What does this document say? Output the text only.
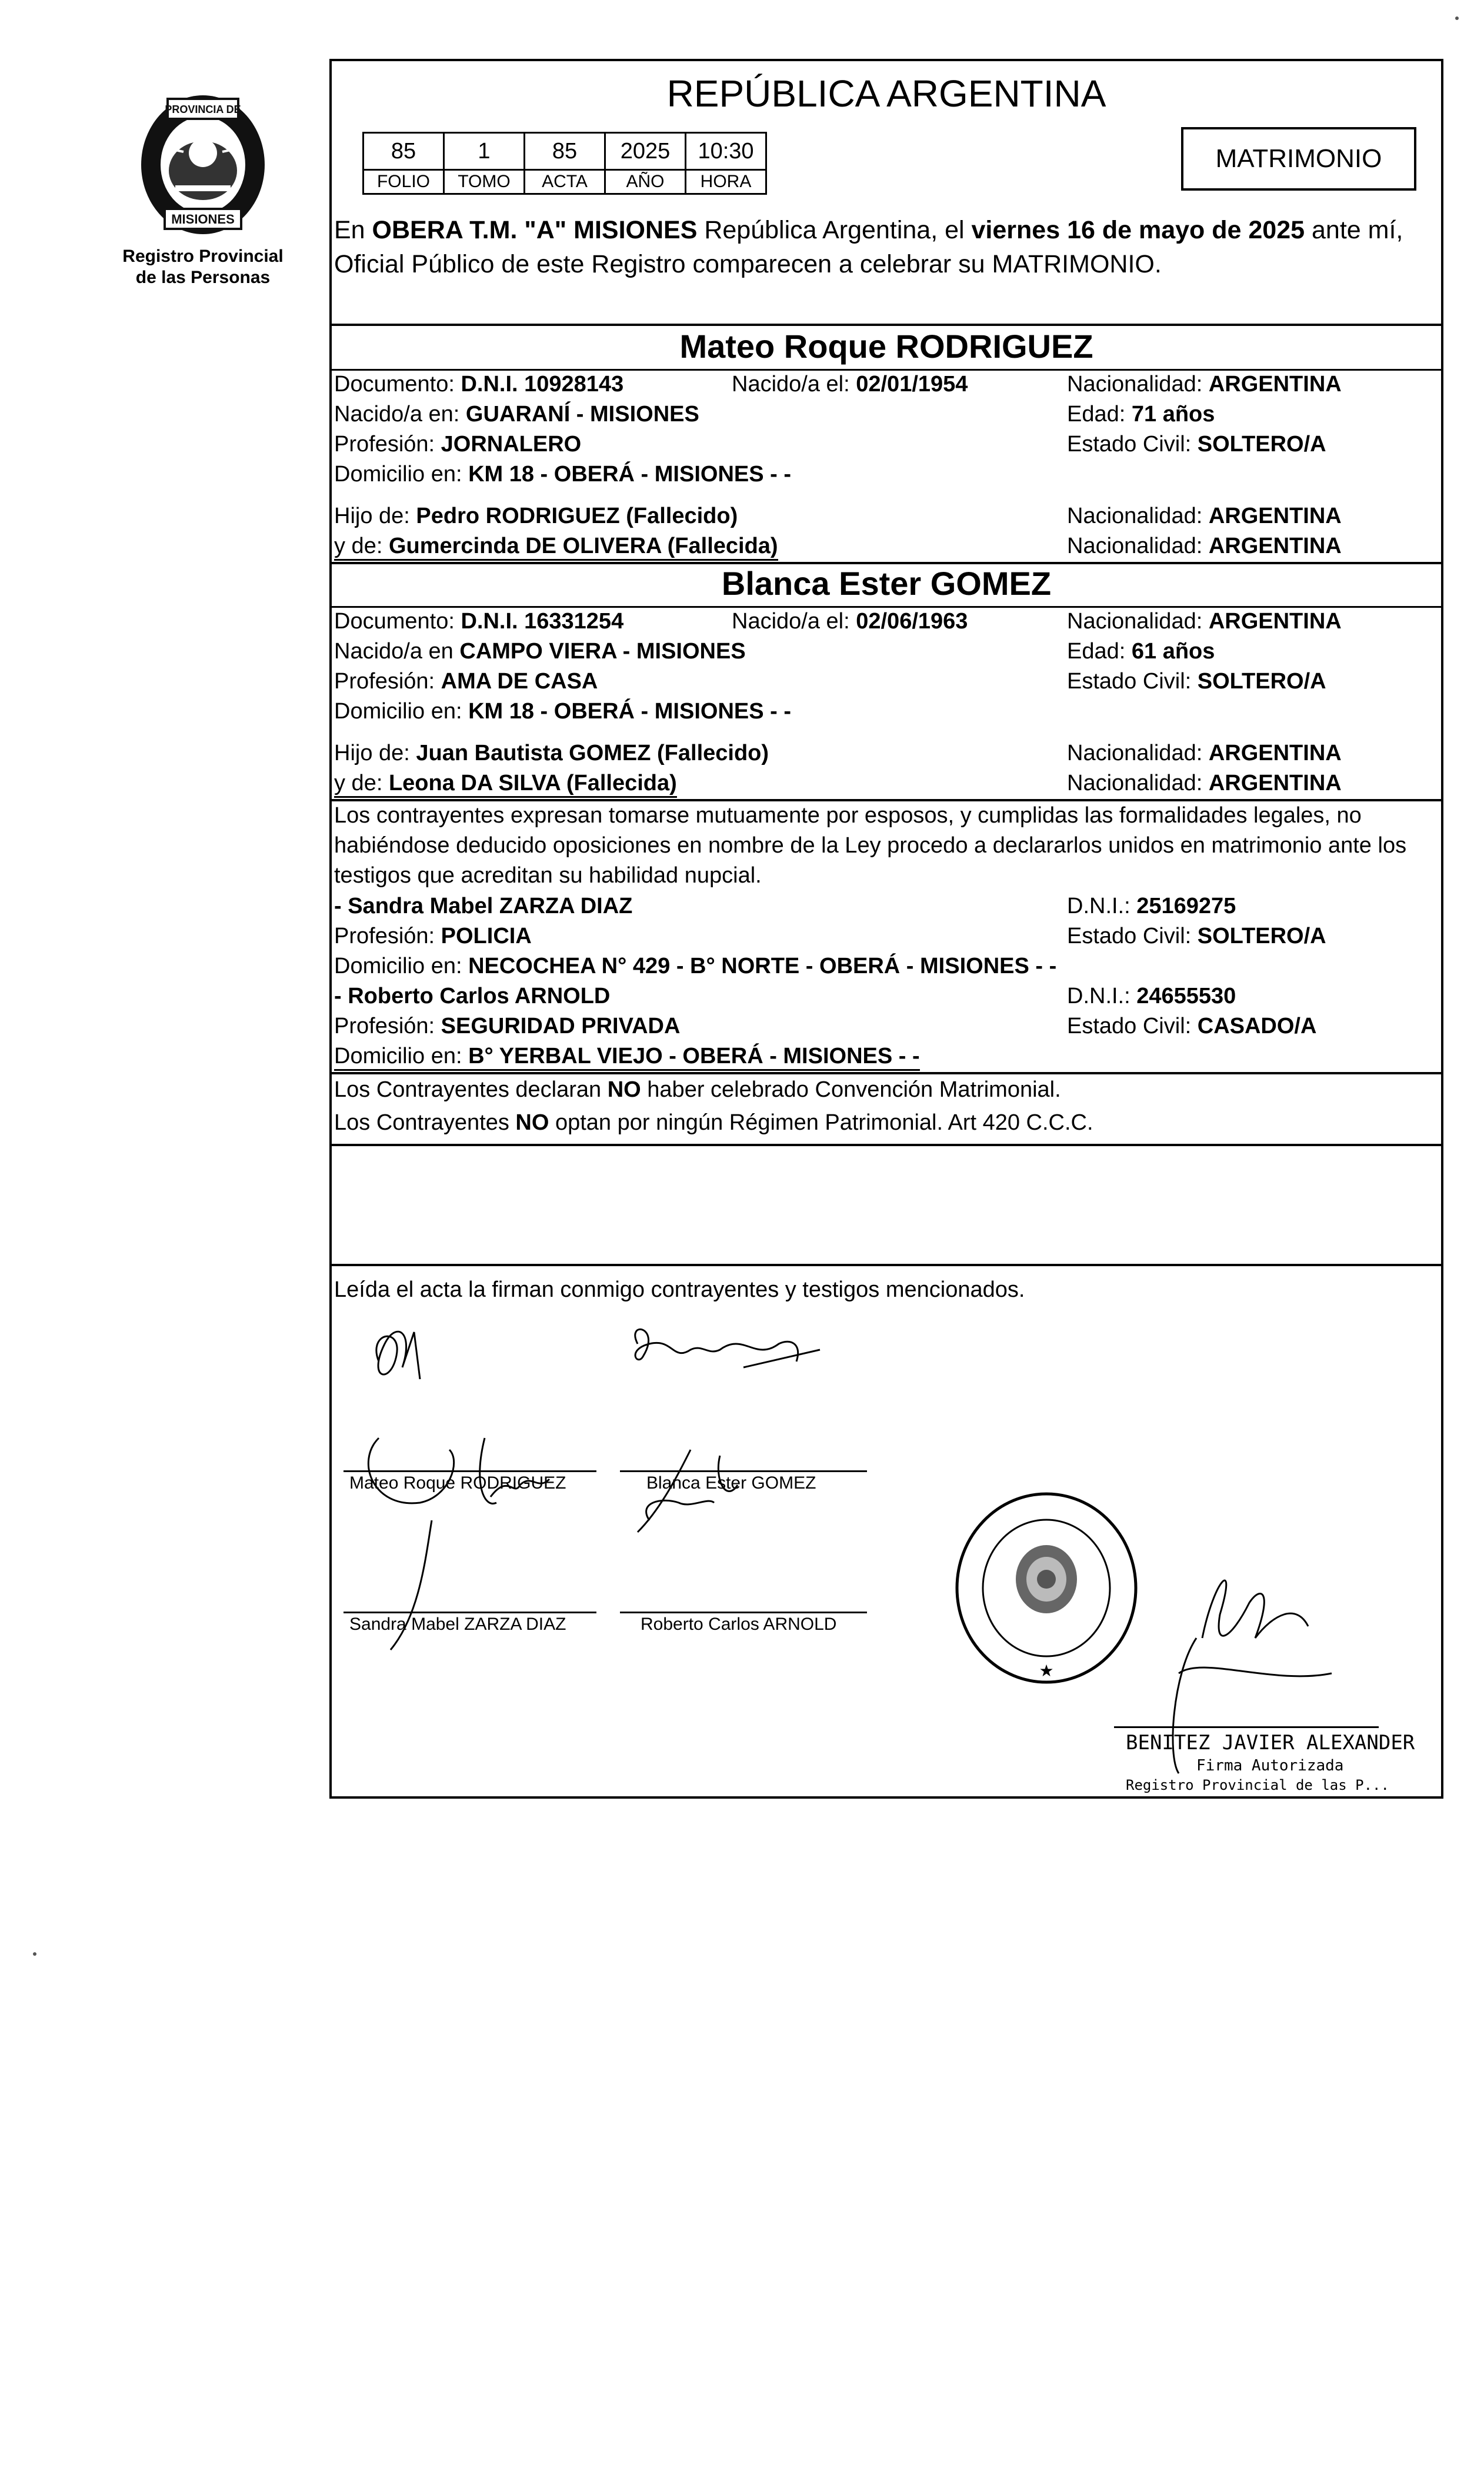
MISIONES
PROVINCIA DE
Registro Provincial
de las Personas
REPÚBLICA ARGENTINA
85	1	85	2025	10:30
FOLIO	TOMO	ACTA	AÑO	HORA
MATRIMONIO
En OBERA T.M. "A" MISIONES República Argentina, el viernes 16 de mayo de 2025 ante mí, Oficial Público de este Registro comparecen a celebrar su MATRIMONIO.
Mateo Roque RODRIGUEZ
Documento: D.N.I. 10928143	Nacido/a el: 02/01/1954	Nacionalidad: ARGENTINA
Nacido/a en: GUARANÍ - MISIONES	Edad: 71 años
Profesión: JORNALERO	Estado Civil: SOLTERO/A
Domicilio en: KM 18 - OBERÁ - MISIONES - -
Hijo de: Pedro RODRIGUEZ (Fallecido)	Nacionalidad: ARGENTINA
y de: Gumercinda DE OLIVERA (Fallecida)	Nacionalidad: ARGENTINA
Blanca Ester GOMEZ
Documento: D.N.I. 16331254	Nacido/a el: 02/06/1963	Nacionalidad: ARGENTINA
Nacido/a en CAMPO VIERA - MISIONES	Edad: 61 años
Profesión: AMA DE CASA	Estado Civil: SOLTERO/A
Domicilio en: KM 18 - OBERÁ - MISIONES - -
Hijo de: Juan Bautista GOMEZ (Fallecido)	Nacionalidad: ARGENTINA
y de: Leona DA SILVA (Fallecida)	Nacionalidad: ARGENTINA
Los contrayentes expresan tomarse mutuamente por esposos, y cumplidas las formalidades legales, no habiéndose deducido oposiciones en nombre de la Ley procedo a declararlos unidos en matrimonio ante los testigos que acreditan su habilidad nupcial.
- Sandra Mabel ZARZA DIAZ	D.N.I.: 25169275
Profesión: POLICIA	Estado Civil: SOLTERO/A
Domicilio en: NECOCHEA N° 429 - B° NORTE - OBERÁ - MISIONES - -
- Roberto Carlos ARNOLD	D.N.I.: 24655530
Profesión: SEGURIDAD PRIVADA	Estado Civil: CASADO/A
Domicilio en: B° YERBAL VIEJO - OBERÁ - MISIONES - -
Los Contrayentes declaran NO haber celebrado Convención Matrimonial.
Los Contrayentes NO optan por ningún Régimen Patrimonial. Art 420 C.C.C.
Leída el acta la firman conmigo contrayentes y testigos mencionados.
★
Mateo Roque RODRIGUEZ	Blanca Ester GOMEZ
Sandra Mabel ZARZA DIAZ	Roberto Carlos ARNOLD
BENITEZ JAVIER ALEXANDER
Firma Autorizada
Registro Provincial de las P...
